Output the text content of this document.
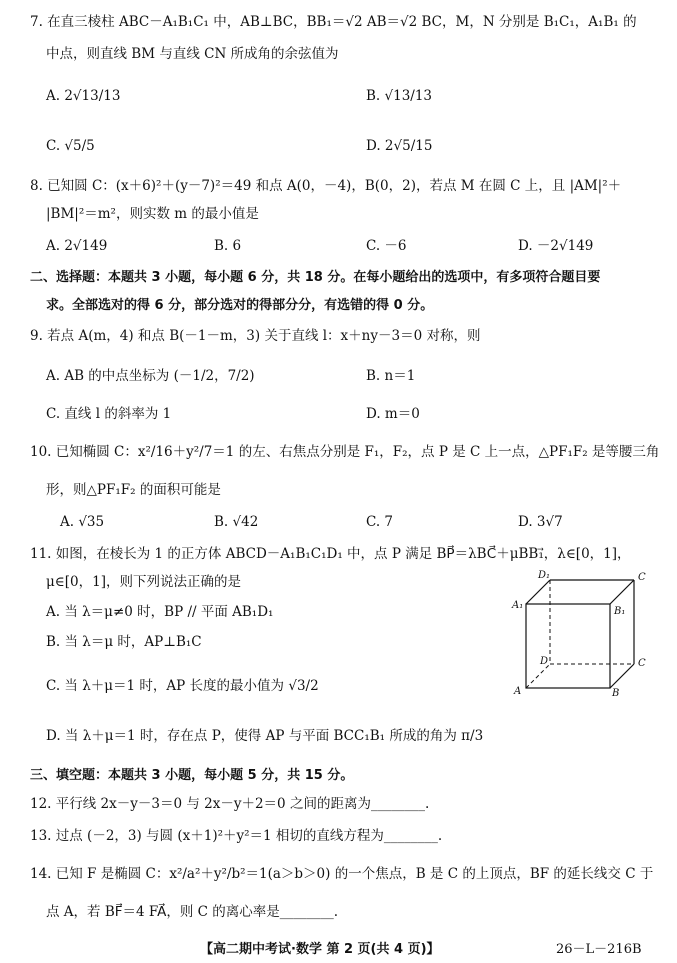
7. 在直三棱柱 ABC－A₁B₁C₁ 中，AB⊥BC，BB₁＝√2 AB＝√2 BC，M，N 分别是 B₁C₁，A₁B₁ 的
中点，则直线 BM 与直线 CN 所成角的余弦值为
A. 2√13/13	B. √13/13
C. √5/5	D. 2√5/15
8. 已知圆 C：(x＋6)²＋(y－7)²＝49 和点 A(0，－4)，B(0，2)，若点 M 在圆 C 上，且 |AM|²＋
|BM|²＝m²，则实数 m 的最小值是
A. 2√149	B. 6	C. －6	D. －2√149
二、选择题：本题共 3 小题，每小题 6 分，共 18 分。在每小题给出的选项中，有多项符合题目要
求。全部选对的得 6 分，部分选对的得部分分，有选错的得 0 分。
9. 若点 A(m，4) 和点 B(－1－m，3) 关于直线 l：x＋ny－3＝0 对称，则
A. AB 的中点坐标为 (－1/2，7/2)	B. n＝1
C. 直线 l 的斜率为 1	D. m＝0
10. 已知椭圆 C：x²/16＋y²/7＝1 的左、右焦点分别是 F₁，F₂，点 P 是 C 上一点，△PF₁F₂ 是等腰三角
形，则△PF₁F₂ 的面积可能是
A. √35	B. √42	C. 7	D. 3√7
11. 如图，在棱长为 1 的正方体 ABCD－A₁B₁C₁D₁ 中，点 P 满足 BP⃗＝λBC⃗＋μBB₁⃗，λ∈[0，1]，
μ∈[0，1]，则下列说法正确的是
A. 当 λ＝μ≠0 时，BP // 平面 AB₁D₁
B. 当 λ＝μ 时，AP⊥B₁C
C. 当 λ＋μ＝1 时，AP 长度的最小值为 √3/2
D. 当 λ＋μ＝1 时，存在点 P，使得 AP 与平面 BCC₁B₁ 所成的角为 π/3
D₁	C
A₁
B₁
D	C
A	B
三、填空题：本题共 3 小题，每小题 5 分，共 15 分。
12. 平行线 2x－y－3＝0 与 2x－y＋2＝0 之间的距离为________.
13. 过点 (－2，3) 与圆 (x＋1)²＋y²＝1 相切的直线方程为________.
14. 已知 F 是椭圆 C：x²/a²＋y²/b²＝1(a＞b＞0) 的一个焦点，B 是 C 的上顶点，BF 的延长线交 C 于
点 A，若 BF⃗＝4 FA⃗，则 C 的离心率是________.
【高二期中考试·数学 第 2 页(共 4 页)】	26－L－216B
